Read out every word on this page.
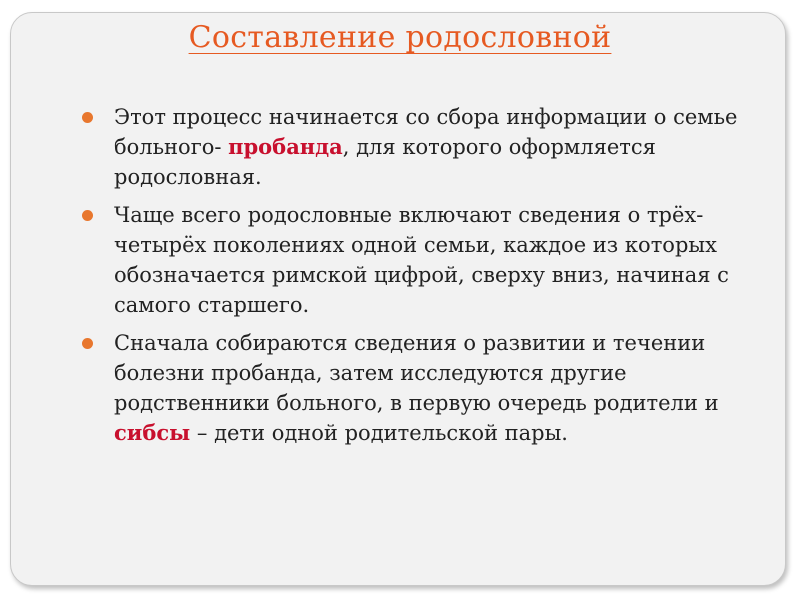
Составление родословной
Этот процесс начинается со сбора информации о семье больного- пробанда, для которого оформляется родословная.
Чаще всего родословные включают сведения о трёх- четырёх поколениях одной семьи, каждое из которых обозначается римской цифрой, сверху вниз, начиная с самого старшего.
Сначала собираются сведения о развитии и течении болезни пробанда, затем исследуются другие родственники больного, в первую очередь родители и сибсы – дети одной родительской пары.
